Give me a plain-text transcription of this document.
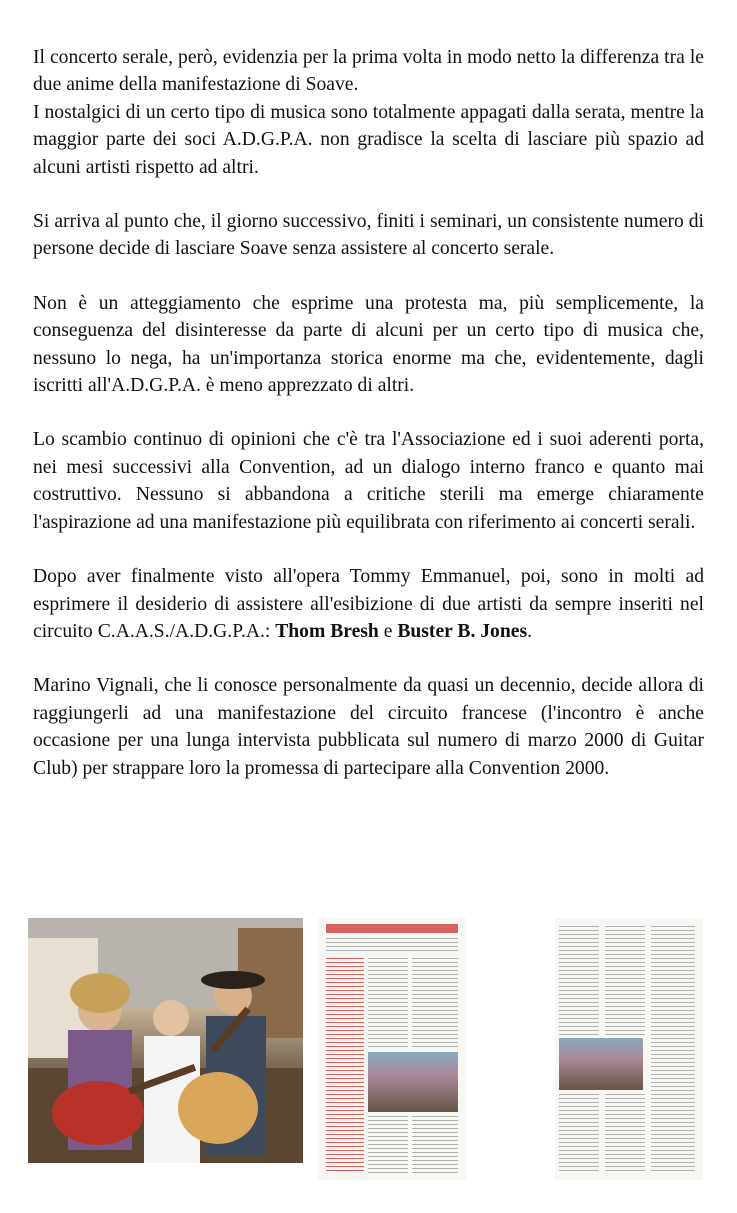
Il concerto serale, però, evidenzia per la prima volta in modo netto la differenza tra le due anime della manifestazione di Soave.
I nostalgici di un certo tipo di musica sono totalmente appagati dalla serata, mentre la maggior parte dei soci A.D.G.P.A. non gradisce la scelta di lasciare più spazio ad alcuni artisti rispetto ad altri.

Si arriva al punto che, il giorno successivo, finiti i seminari, un consistente numero di persone decide di lasciare Soave senza assistere al concerto serale.

Non è un atteggiamento che esprime una protesta ma, più semplicemente, la conseguenza del disinteresse da parte di alcuni per un certo tipo di musica che, nessuno lo nega, ha un'importanza storica enorme ma che, evidentemente, dagli iscritti all'A.D.G.P.A. è meno apprezzato di altri.

Lo scambio continuo di opinioni che c'è tra l'Associazione ed i suoi aderenti porta, nei mesi successivi alla Convention, ad un dialogo interno franco e quanto mai costruttivo. Nessuno si abbandona a critiche sterili ma emerge chiaramente l'aspirazione ad una manifestazione più equilibrata con riferimento ai concerti serali.

Dopo aver finalmente visto all'opera Tommy Emmanuel, poi, sono in molti ad esprimere il desiderio di assistere all'esibizione di due artisti da sempre inseriti nel circuito C.A.A.S./A.D.G.P.A.: Thom Bresh e Buster B. Jones.

Marino Vignali, che li conosce personalmente da quasi un decennio, decide allora di raggiungerli ad una manifestazione del circuito francese (l'incontro è anche occasione per una lunga intervista pubblicata sul numero di marzo 2000 di Guitar Club) per strappare loro la promessa di partecipare alla Convention 2000.
